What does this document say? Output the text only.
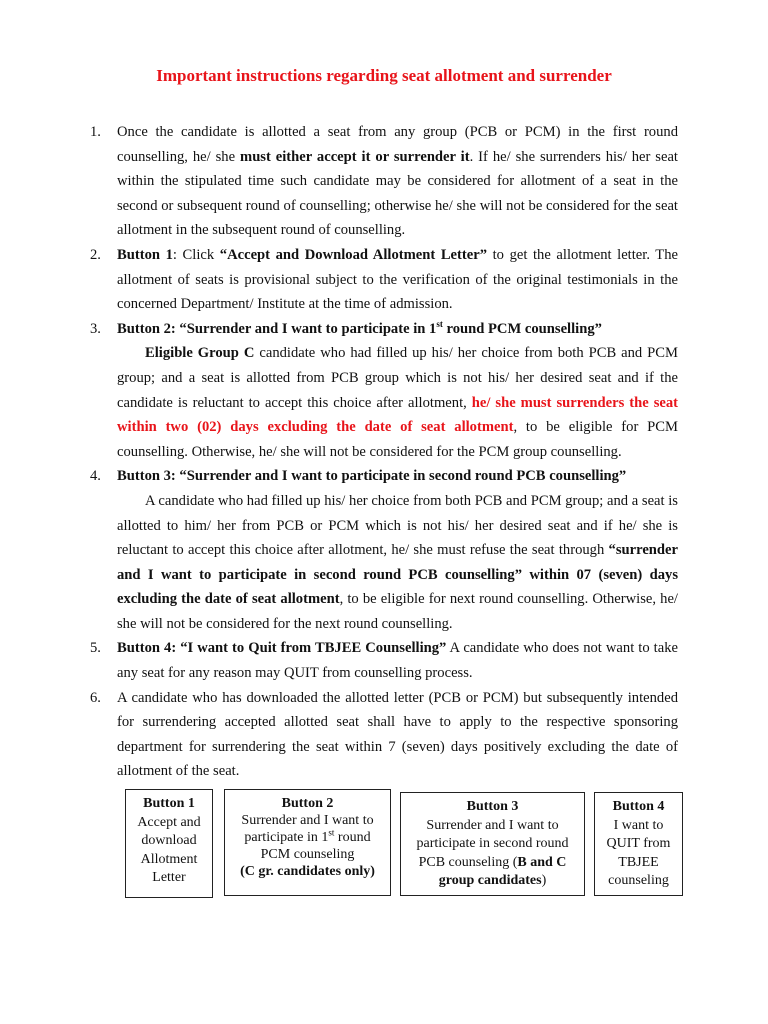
Important instructions regarding seat allotment and surrender
1. Once the candidate is allotted a seat from any group (PCB or PCM) in the first round counselling, he/ she must either accept it or surrender it. If he/ she surrenders his/ her seat within the stipulated time such candidate may be considered for allotment of a seat in the second or subsequent round of counselling; otherwise he/ she will not be considered for the seat allotment in the subsequent round of counselling.
2. Button 1: Click “Accept and Download Allotment Letter” to get the allotment letter. The allotment of seats is provisional subject to the verification of the original testimonials in the concerned Department/ Institute at the time of admission.
3. Button 2: “Surrender and I want to participate in 1st round PCM counselling”
Eligible Group C candidate who had filled up his/ her choice from both PCB and PCM group; and a seat is allotted from PCB group which is not his/ her desired seat and if the candidate is reluctant to accept this choice after allotment, he/ she must surrenders the seat within two (02) days excluding the date of seat allotment, to be eligible for PCM counselling. Otherwise, he/ she will not be considered for the PCM group counselling.
4. Button 3: “Surrender and I want to participate in second round PCB counselling”
A candidate who had filled up his/ her choice from both PCB and PCM group; and a seat is allotted to him/ her from PCB or PCM which is not his/ her desired seat and if he/ she is reluctant to accept this choice after allotment, he/ she must refuse the seat through “surrender and I want to participate in second round PCB counselling” within 07 (seven) days excluding the date of seat allotment, to be eligible for next round counselling. Otherwise, he/ she will not be considered for the next round counselling.
5. Button 4: “I want to Quit from TBJEE Counselling” A candidate who does not want to take any seat for any reason may QUIT from counselling process.
6. A candidate who has downloaded the allotted letter (PCB or PCM) but subsequently intended for surrendering accepted allotted seat shall have to apply to the respective sponsoring department for surrendering the seat within 7 (seven) days positively excluding the date of allotment of the seat.
Button 1
Accept and
download
Allotment
Letter
Button 2
Surrender and I want to
participate in 1st round
PCM counseling
(C gr. candidates only)
Button 3
Surrender and I want to
participate in second round
PCB counseling (B and C
group candidates)
Button 4
I want to
QUIT from
TBJEE
counseling
